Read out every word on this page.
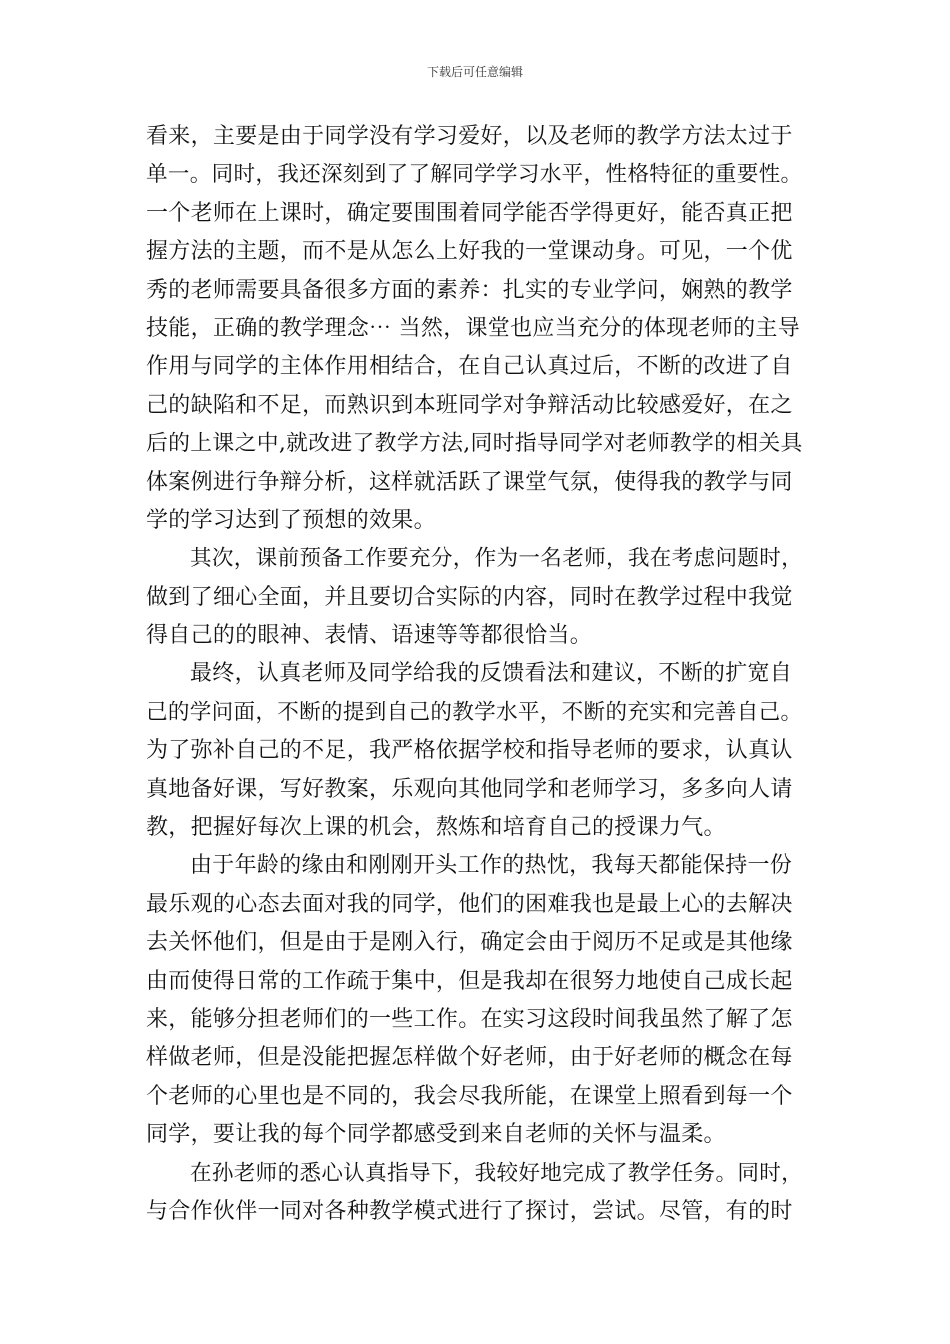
下载后可任意编辑
看来，主要是由于同学没有学习爱好，以及老师的教学方法太过于
单一。同时，我还深刻到了了解同学学习水平，性格特征的重要性。
一个老师在上课时，确定要围围着同学能否学得更好，能否真正把
握方法的主题，而不是从怎么上好我的一堂课动身。可见，一个优
秀的老师需要具备很多方面的素养：扎实的专业学问，娴熟的教学
技能，正确的教学理念⋯ 当然，课堂也应当充分的体现老师的主导
作用与同学的主体作用相结合，在自己认真过后，不断的改进了自
己的缺陷和不足，而熟识到本班同学对争辩活动比较感爱好，在之
后的上课之中,就改进了教学方法,同时指导同学对老师教学的相关具
体案例进行争辩分析，这样就活跃了课堂气氛，使得我的教学与同
学的学习达到了预想的效果。
其次，课前预备工作要充分，作为一名老师，我在考虑问题时，
做到了细心全面，并且要切合实际的内容，同时在教学过程中我觉
得自己的的眼神、表情、语速等等都很恰当。
最终，认真老师及同学给我的反馈看法和建议，不断的扩宽自
己的学问面，不断的提到自己的教学水平，不断的充实和完善自己。
为了弥补自己的不足，我严格依据学校和指导老师的要求，认真认
真地备好课，写好教案，乐观向其他同学和老师学习，多多向人请
教，把握好每次上课的机会，熬炼和培育自己的授课力气。
由于年龄的缘由和刚刚开头工作的热忱，我每天都能保持一份
最乐观的心态去面对我的同学，他们的困难我也是最上心的去解决
去关怀他们，但是由于是刚入行，确定会由于阅历不足或是其他缘
由而使得日常的工作疏于集中，但是我却在很努力地使自己成长起
来，能够分担老师们的一些工作。在实习这段时间我虽然了解了怎
样做老师，但是没能把握怎样做个好老师，由于好老师的概念在每
个老师的心里也是不同的，我会尽我所能，在课堂上照看到每一个
同学，要让我的每个同学都感受到来自老师的关怀与温柔。
在孙老师的悉心认真指导下，我较好地完成了教学任务。同时，
与合作伙伴一同对各种教学模式进行了探讨，尝试。尽管，有的时
